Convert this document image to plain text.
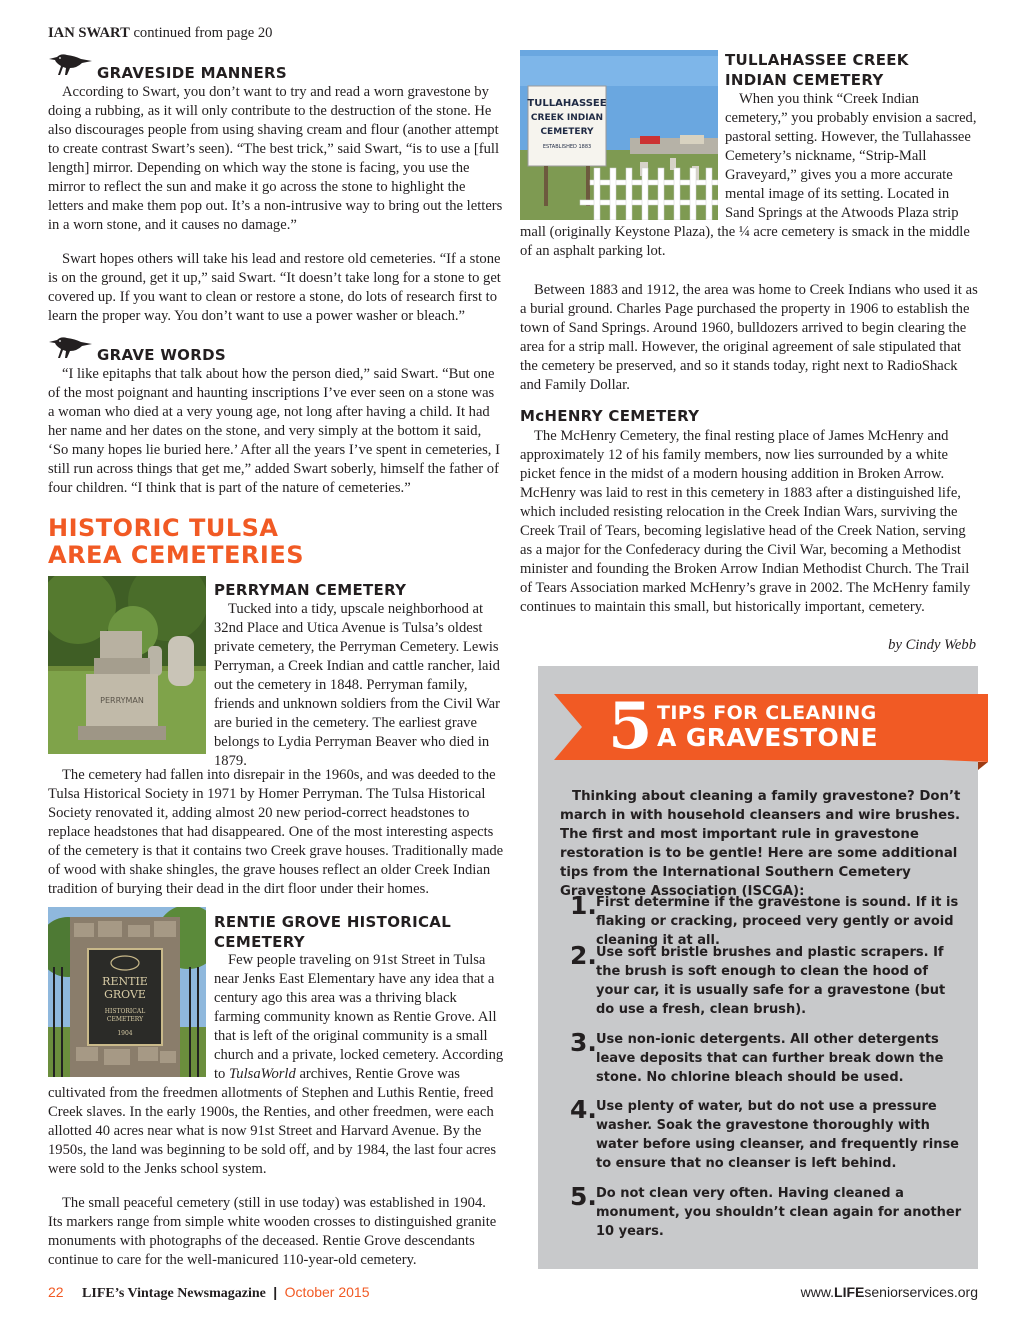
IAN SWART continued from page 20
GRAVESIDE MANNERS

According to Swart, you don’t want to try and read a worn gravestone by doing a rubbing, as it will only contribute to the destruction of the stone. He also discourages people from using shaving cream and flour (another attempt to create contrast Swart’s seen). “The best trick,” said Swart, “is to use a [full length] mirror. Depending on which way the stone is facing, you use the mirror to reflect the sun and make it go across the stone to highlight the letters and make them pop out. It’s a non-intrusive way to bring out the letters in a worn stone, and it causes no damage.”

Swart hopes others will take his lead and restore old cemeteries. “If a stone is on the ground, get it up,” said Swart. “It doesn’t take long for a stone to get covered up. If you want to clean or restore a stone, do lots of research first to learn the proper way. You don’t want to use a power washer or bleach.”

GRAVE WORDS

“I like epitaphs that talk about how the person died,” said Swart. “But one of the most poignant and haunting inscriptions I’ve ever seen on a stone was a woman who died at a very young age, not long after having a child. It had her name and her dates on the stone, and very simply at the bottom it said, ‘So many hopes lie buried here.’ After all the years I’ve spent in cemeteries, I still run across things that get me,” added Swart soberly, himself the father of four children. “I think that is part of the nature of cemeteries.”

HISTORIC TULSA
AREA CEMETERIES
PERRYMAN
PERRYMAN CEMETERY

Tucked into a tidy, upscale neighborhood at 32nd Place and Utica Avenue is Tulsa’s oldest private cemetery, the Perryman Cemetery. Lewis Perryman, a Creek Indian and cattle rancher, laid out the cemetery in 1848. Perryman family, friends and unknown soldiers from the Civil War are buried in the cemetery. The earliest grave belongs to Lydia Perryman Beaver who died in 1879.

The cemetery had fallen into disrepair in the 1960s, and was deeded to the Tulsa Historical Society in 1971 by Homer Perryman. The Tulsa Historical Society renovated it, adding almost 20 new period-correct headstones to replace headstones that had disappeared. One of the most interesting aspects of the cemetery is that it contains two Creek grave houses. Traditionally made of wood with shake shingles, the grave houses reflect an older Creek Indian tradition of burying their dead in the dirt floor under their homes.

RENTIE
GROVE
HISTORICAL
CEMETERY
1904
RENTIE GROVE HISTORICAL
CEMETERY

Few people traveling on 91st Street in Tulsa near Jenks East Elementary have any idea that a century ago this area was a thriving black farming community known as Rentie Grove. All that is left of the original community is a small church and a private, locked cemetery. According to TulsaWorld archives, Rentie Grove was cultivated from the freedmen allotments of Stephen and Luthis Rentie, freed Creek slaves. In the early 1900s, the Renties, and other freedmen, were each allotted 40 acres near what is now 91st Street and Harvard Avenue. By the 1950s, the land was beginning to be sold off, and by 1984, the last four acres were sold to the Jenks school system.

The small peaceful cemetery (still in use today) was established in 1904. Its markers range from simple white wooden crosses to distinguished granite monuments with photographs of the deceased. Rentie Grove descendants continue to care for the well-manicured 110-year-old cemetery.

TULLAHASSEE
CREEK INDIAN
CEMETERY
ESTABLISHED 1883
TULLAHASSEE CREEK
INDIAN CEMETERY

When you think “Creek Indian cemetery,” you probably envision a sacred, pastoral setting. However, the Tullahassee Cemetery’s nickname, “Strip-Mall Graveyard,” gives you a more accurate mental image of its setting. Located in Sand Springs at the Atwoods Plaza strip

mall (originally Keystone Plaza), the ¼ acre cemetery is smack in the middle of an asphalt parking lot.

Between 1883 and 1912, the area was home to Creek Indians who used it as a burial ground. Charles Page purchased the property in 1906 to establish the town of Sand Springs. Around 1960, bulldozers arrived to begin clearing the area for a strip mall. However, the original agreement of sale stipulated that the cemetery be preserved, and so it stands today, right next to RadioShack and Family Dollar.

McHENRY CEMETERY

The McHenry Cemetery, the final resting place of James McHenry and approximately 12 of his family members, now lies surrounded by a white picket fence in the midst of a modern housing addition in Broken Arrow. McHenry was laid to rest in this cemetery in 1883 after a distinguished life, which included resisting relocation in the Creek Indian Wars, surviving the Creek Trail of Tears, becoming legislative head of the Creek Nation, serving as a major for the Confederacy during the Civil War, becoming a Methodist minister and founding the Broken Arrow Indian Methodist Church. The Trail of Tears Association marked McHenry’s grave in 2002. The McHenry family continues to maintain this small, but historically important, cemetery.

by Cindy Webb
5 TIPS FOR CLEANING
A GRAVESTONE

Thinking about cleaning a family gravestone? Don’t march in with household cleansers and wire brushes. The first and most important rule in gravestone restoration is to be gentle! Here are some additional tips from the International Southern Cemetery Gravestone Association (ISCGA):

1. First determine if the gravestone is sound. If it is flaking or cracking, proceed very gently or avoid cleaning it at all.

2. Use soft bristle brushes and plastic scrapers. If the brush is soft enough to clean the hood of your car, it is usually safe for a gravestone (but do use a fresh, clean brush).

3. Use non-ionic detergents. All other detergents leave deposits that can further break down the stone. No chlorine bleach should be used.

4. Use plenty of water, but do not use a pressure washer. Soak the gravestone thoroughly with water before using cleanser, and frequently rinse to ensure that no cleanser is left behind.

5. Do not clean very often. Having cleaned a monument, you shouldn’t clean again for another 10 years.

22 LIFE’s Vintage Newsmagazine | October 2015	www.LIFEseniorservices.org
